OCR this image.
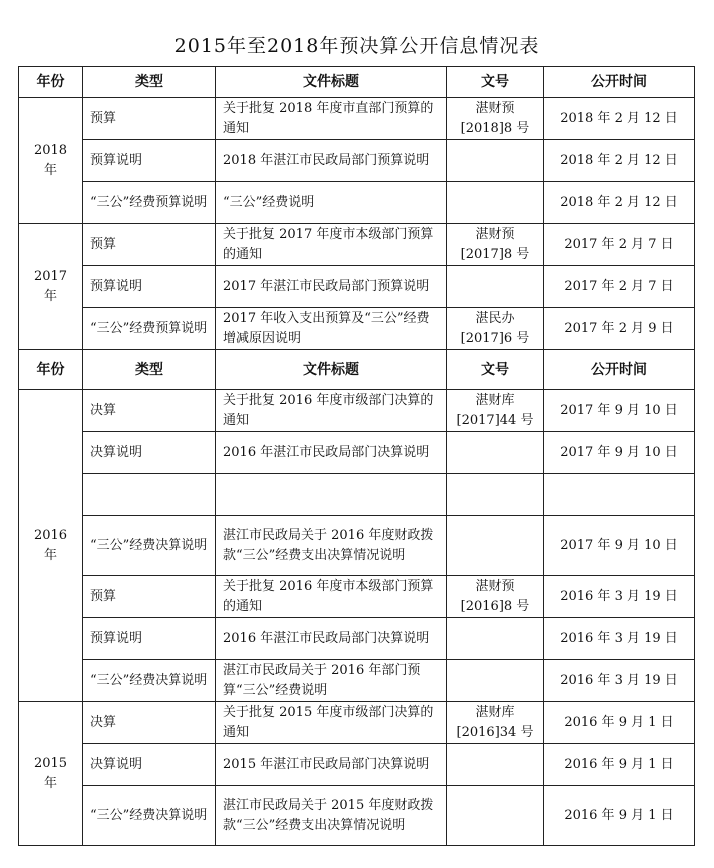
2015年至2018年预决算公开信息情况表
年份	类型	文件标题	文号	公开时间
2018 年	预算	关于批复 2018 年度市直部门预算的通知	湛财预[2018]8 号	2018 年 2 月 12 日
	预算说明	2018 年湛江市民政局部门预算说明		2018 年 2 月 12 日
	“三公”经费预算说明	“三公”经费说明		2018 年 2 月 12 日
2017 年	预算	关于批复 2017 年度市本级部门预算的通知	湛财预[2017]8 号	2017 年 2 月 7 日
	预算说明	2017 年湛江市民政局部门预算说明		2017 年 2 月 7 日
	“三公”经费预算说明	2017 年收入支出预算及“三公”经费增减原因说明	湛民办[2017]6 号	2017 年 2 月 9 日
年份	类型	文件标题	文号	公开时间
2016 年	决算	关于批复 2016 年度市级部门决算的通知	湛财库[2017]44 号	2017 年 9 月 10 日
	决算说明	2016 年湛江市民政局部门决算说明		2017 年 9 月 10 日

	“三公”经费决算说明	湛江市民政局关于 2016 年度财政拨款“三公”经费支出决算情况说明		2017 年 9 月 10 日
	预算	关于批复 2016 年度市本级部门预算的通知	湛财预[2016]8 号	2016 年 3 月 19 日
	预算说明	2016 年湛江市民政局部门决算说明		2016 年 3 月 19 日
	“三公”经费决算说明	湛江市民政局关于 2016 年部门预算“三公”经费说明		2016 年 3 月 19 日
2015 年	决算	关于批复 2015 年度市级部门决算的通知	湛财库[2016]34 号	2016 年 9 月 1 日
	决算说明	2015 年湛江市民政局部门决算说明		2016 年 9 月 1 日
	“三公”经费决算说明	湛江市民政局关于 2015 年度财政拨款“三公”经费支出决算情况说明		2016 年 9 月 1 日
